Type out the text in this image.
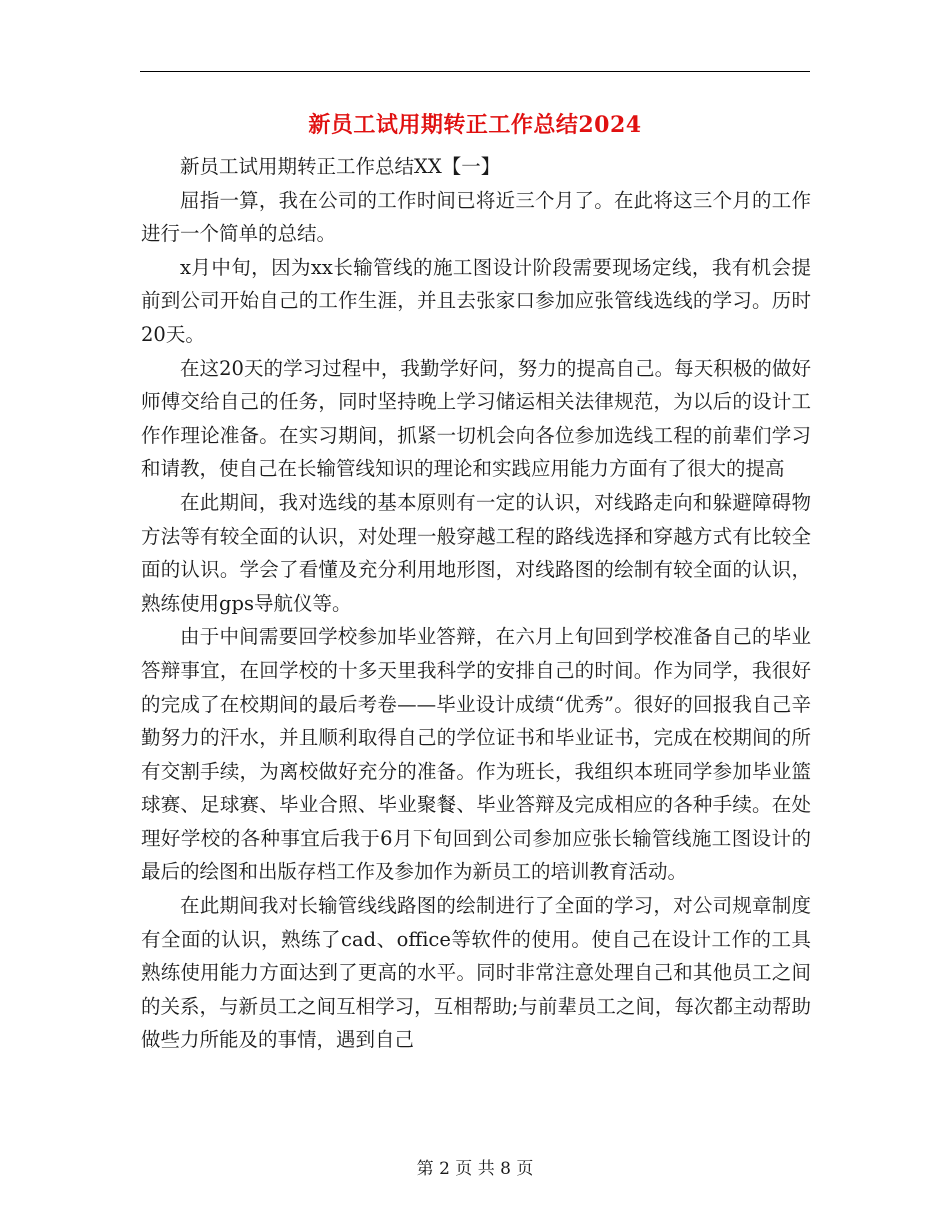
新员工试用期转正工作总结2024

新员工试用期转正工作总结XX【一】

屈指一算，我在公司的工作时间已将近三个月了。在此将这三个月的工作进行一个简单的总结。

x月中旬，因为xx长输管线的施工图设计阶段需要现场定线，我有机会提前到公司开始自己的工作生涯，并且去张家口参加应张管线选线的学习。历时20天。

在这20天的学习过程中，我勤学好问，努力的提高自己。每天积极的做好师傅交给自己的任务，同时坚持晚上学习储运相关法律规范，为以后的设计工作作理论准备。在实习期间，抓紧一切机会向各位参加选线工程的前辈们学习和请教，使自己在长输管线知识的理论和实践应用能力方面有了很大的提高

在此期间，我对选线的基本原则有一定的认识，对线路走向和躲避障碍物方法等有较全面的认识，对处理一般穿越工程的路线选择和穿越方式有比较全面的认识。学会了看懂及充分利用地形图，对线路图的绘制有较全面的认识，熟练使用gps导航仪等。

由于中间需要回学校参加毕业答辩，在六月上旬回到学校准备自己的毕业答辩事宜，在回学校的十多天里我科学的安排自己的时间。作为同学，我很好的完成了在校期间的最后考卷——毕业设计成绩“优秀”。很好的回报我自己辛勤努力的汗水，并且顺利取得自己的学位证书和毕业证书，完成在校期间的所有交割手续，为离校做好充分的准备。作为班长，我组织本班同学参加毕业篮球赛、足球赛、毕业合照、毕业聚餐、毕业答辩及完成相应的各种手续。在处理好学校的各种事宜后我于6月下旬回到公司参加应张长输管线施工图设计的最后的绘图和出版存档工作及参加作为新员工的培训教育活动。

在此期间我对长输管线线路图的绘制进行了全面的学习，对公司规章制度有全面的认识，熟练了cad、office等软件的使用。使自己在设计工作的工具熟练使用能力方面达到了更高的水平。同时非常注意处理自己和其他员工之间的关系，与新员工之间互相学习，互相帮助;与前辈员工之间，每次都主动帮助做些力所能及的事情，遇到自己

第 2 页 共 8 页
